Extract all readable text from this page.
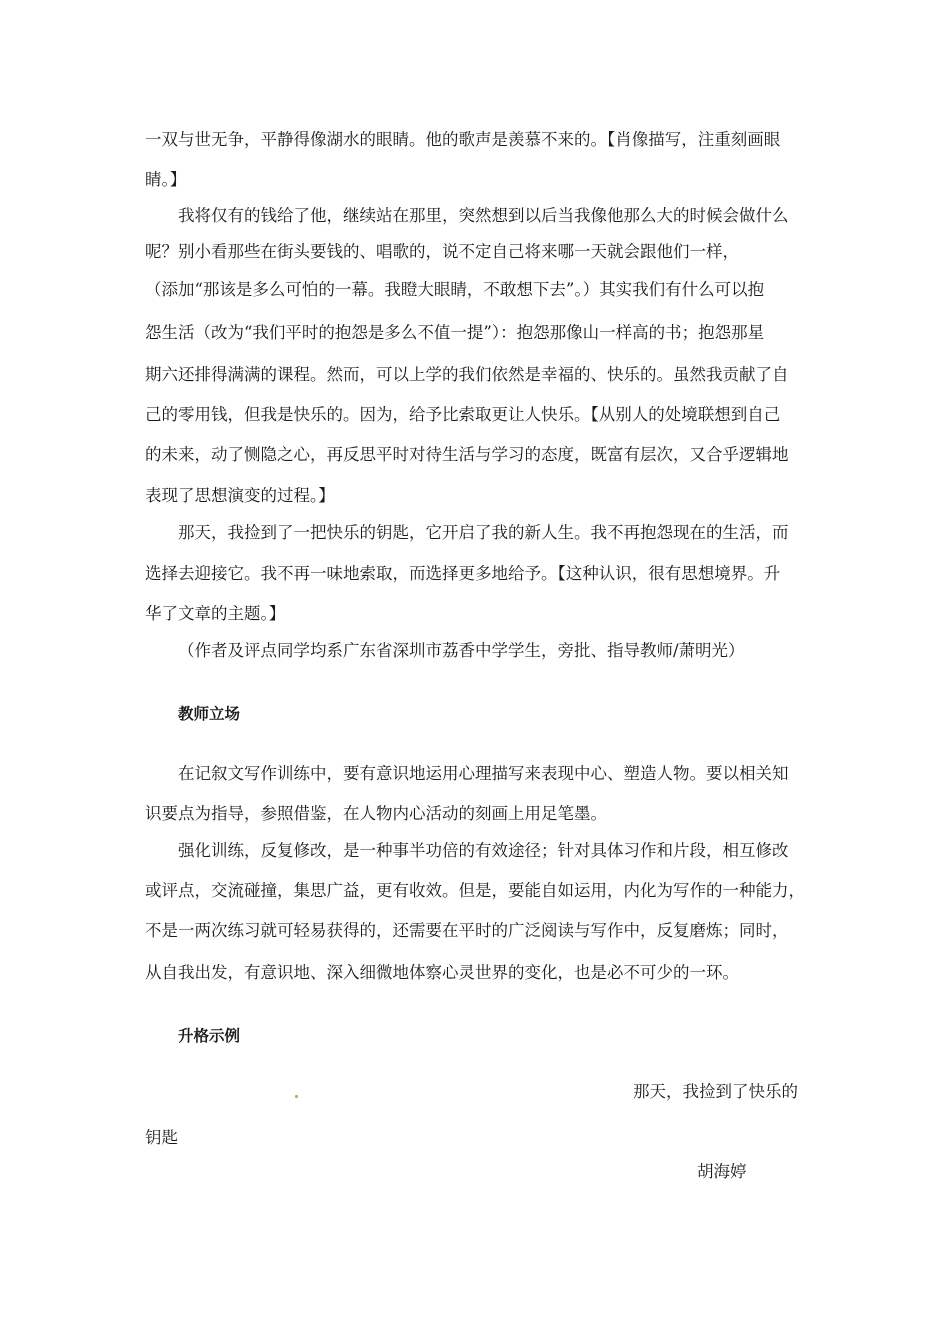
一双与世无争，平静得像湖水的眼睛。他的歌声是羡慕不来的。【肖像描写，注重刻画眼
睛。】
我将仅有的钱给了他，继续站在那里，突然想到以后当我像他那么大的时候会做什么
呢？别小看那些在街头要钱的、唱歌的，说不定自己将来哪一天就会跟他们一样，
（添加“那该是多么可怕的一幕。我瞪大眼睛，不敢想下去”。）其实我们有什么可以抱
怨生活（改为“我们平时的抱怨是多么不值一提”）：抱怨那像山一样高的书；抱怨那星
期六还排得满满的课程。然而，可以上学的我们依然是幸福的、快乐的。虽然我贡献了自
己的零用钱，但我是快乐的。因为，给予比索取更让人快乐。【从别人的处境联想到自己
的未来，动了恻隐之心，再反思平时对待生活与学习的态度，既富有层次，又合乎逻辑地
表现了思想演变的过程。】
那天，我捡到了一把快乐的钥匙，它开启了我的新人生。我不再抱怨现在的生活，而
选择去迎接它。我不再一味地索取，而选择更多地给予。【这种认识，很有思想境界。升
华了文章的主题。】
（作者及评点同学均系广东省深圳市荔香中学学生，旁批、指导教师/萧明光）
教师立场
在记叙文写作训练中，要有意识地运用心理描写来表现中心、塑造人物。要以相关知
识要点为指导，参照借鉴，在人物内心活动的刻画上用足笔墨。
强化训练，反复修改，是一种事半功倍的有效途径；针对具体习作和片段，相互修改
或评点，交流碰撞，集思广益，更有收效。但是，要能自如运用，内化为写作的一种能力，
不是一两次练习就可轻易获得的，还需要在平时的广泛阅读与写作中，反复磨炼；同时，
从自我出发，有意识地、深入细微地体察心灵世界的变化，也是必不可少的一环。
升格示例
那天，我捡到了快乐的
钥匙
胡海婷
